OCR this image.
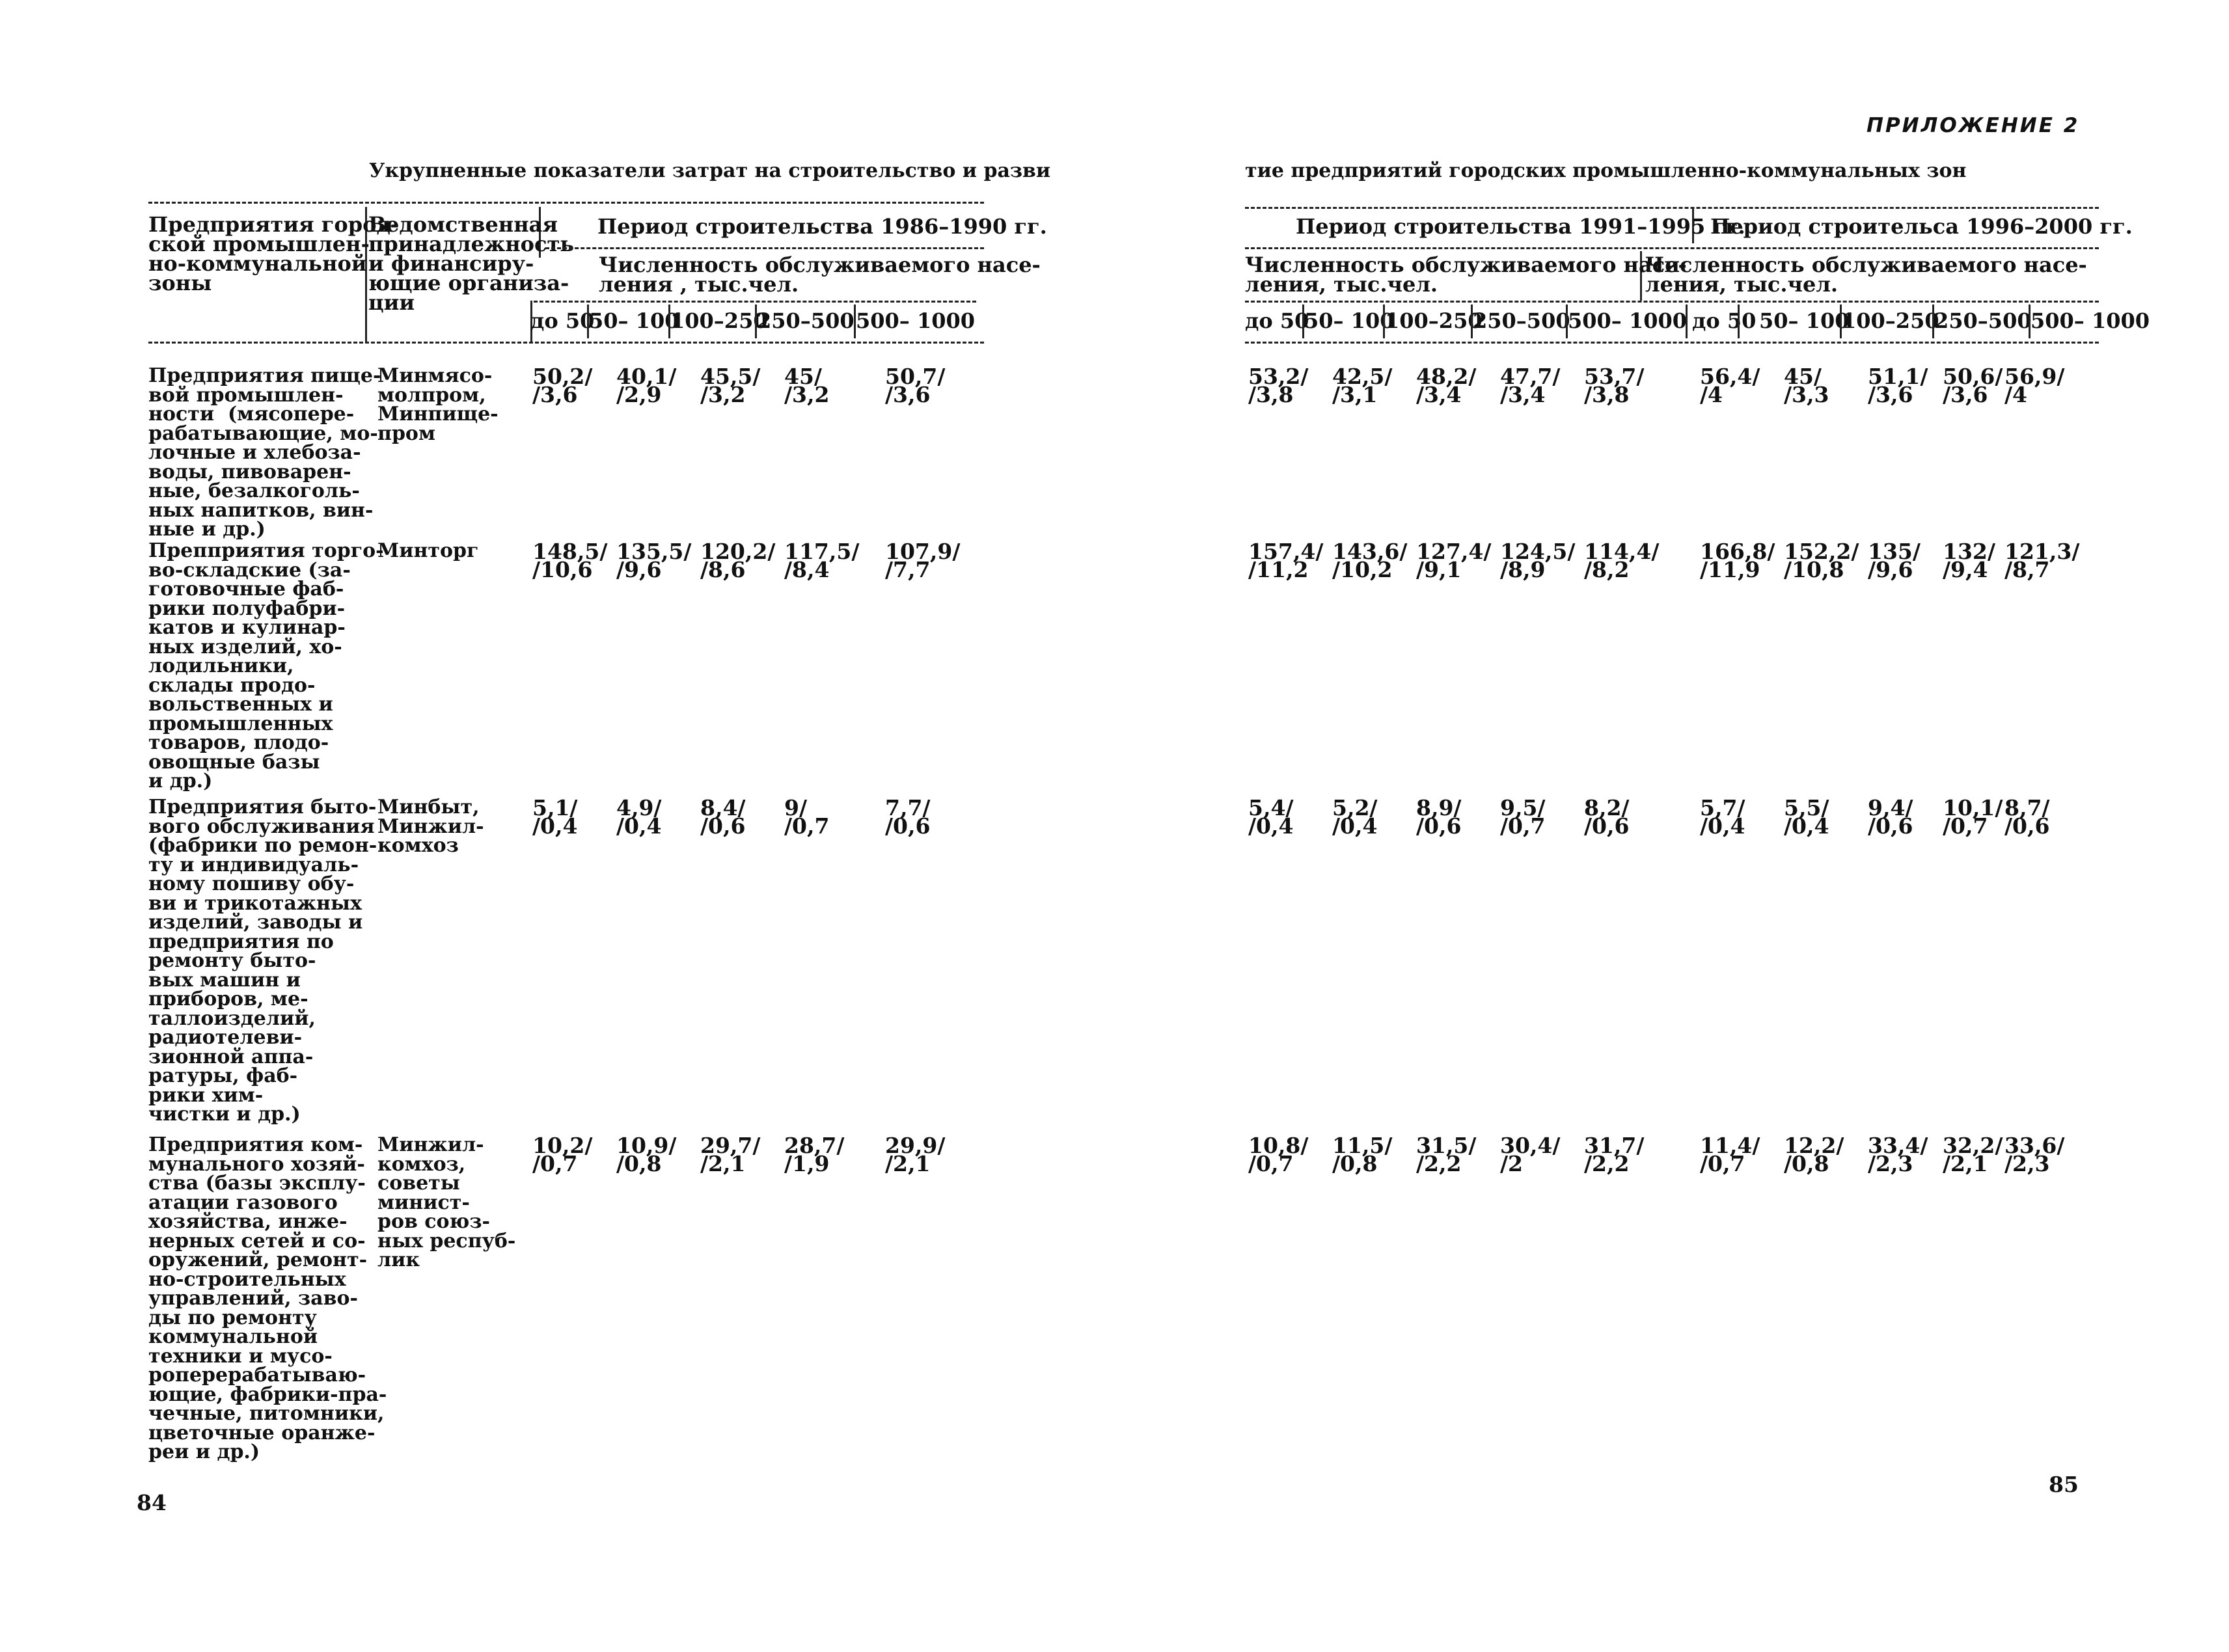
ПРИЛОЖЕНИЕ 2
Укрупненные показатели затрат на строительство и разви	тие предприятий городских промышленно-коммунальных зон
Предприятия город-
ской промышлен-
но-коммунальной
зоны
Ведомственная
принадлежность
и финансиру-
ющие организа-
ции
Период строительства 1986–1990 гг.
Численность обслуживаемого насе-
ления , тыс.чел.
до 50
50– 100
100–250
250–500 500– 1000
Период строительства 1991–1995 гг.
Период строительса 1996–2000 гг.
Численность обслуживаемого насе-
ления, тыс.чел.
Численность обслуживаемого насе-
ления, тыс.чел.
до 50
50– 100
100–250
250–500
500– 1000 до 50 50– 100
100–250
250–500
500– 1000
Предприятия пище-
вой промышлен-
ности  (мясопере-
рабатывающие, мо-
лочные и хлебоза-
воды, пивоварен-
ные, безалкоголь-
ных напитков, вин-
ные и др.)
Минмясо-
молпром,
Минпище-
пром
50,2/
/3,6
40,1/
/2,9
45,5/
/3,2
45/
/3,2
50,7/
/3,6
53,2/
/3,8
42,5/
/3,1
48,2/
/3,4
47,7/
/3,4
53,7/
/3,8
56,4/
/4
45/
/3,3
51,1/
/3,6
50,6/
/3,6
56,9/
/4
Препприятия торго-
во-складские (за-
готовочные фаб-
рики полуфабри-
катов и кулинар-
ных изделий, хо-
лодильники,
склады продо-
вольственных и
промышленных
товаров, плодо-
овощные базы
и др.)
Минторг	148,5/
/10,6
135,5/
/9,6
120,2/
/8,6
117,5/
/8,4
107,9/
/7,7
157,4/
/11,2
143,6/
/10,2
127,4/
/9,1
124,5/
/8,9
114,4/
/8,2
166,8/
/11,9
152,2/
/10,8
135/
/9,6
132/
/9,4
121,3/
/8,7
Предприятия быто-
вого обслуживания
(фабрики по ремон-
ту и индивидуаль-
ному пошиву обу-
ви и трикотажных
изделий, заводы и
предприятия по
ремонту быто-
вых машин и
приборов, ме-
таллоизделий,
радиотелеви-
зионной аппа-
ратуры, фаб-
рики хим-
чистки и др.)
Минбыт,
Минжил-
комхоз
5,1/
/0,4
4,9/
/0,4
8,4/
/0,6
9/
/0,7
7,7/
/0,6
5,4/
/0,4
5,2/
/0,4
8,9/
/0,6
9,5/
/0,7
8,2/
/0,6
5,7/
/0,4
5,5/
/0,4
9,4/
/0,6
10,1/
/0,7
8,7/
/0,6
Предприятия ком-
мунального хозяй-
ства (базы эксплу-
атации газового
хозяйства, инже-
нерных сетей и со-
оружений, ремонт-
но-строительных
управлений, заво-
ды по ремонту
коммунальной
техники и мусо-
роперерабатываю-
ющие, фабрики-пра-
чечные, питомники,
цветочные оранже-
реи и др.)
Минжил-
комхоз,
советы
минист-
ров союз-
ных респуб-
лик
10,2/
/0,7
10,9/
/0,8
29,7/
/2,1
28,7/
/1,9
29,9/
/2,1
10,8/
/0,7
11,5/
/0,8
31,5/
/2,2
30,4/
/2
31,7/
/2,2
11,4/
/0,7
12,2/
/0,8
33,4/
/2,3
32,2/
/2,1
33,6/
/2,3
84
85
